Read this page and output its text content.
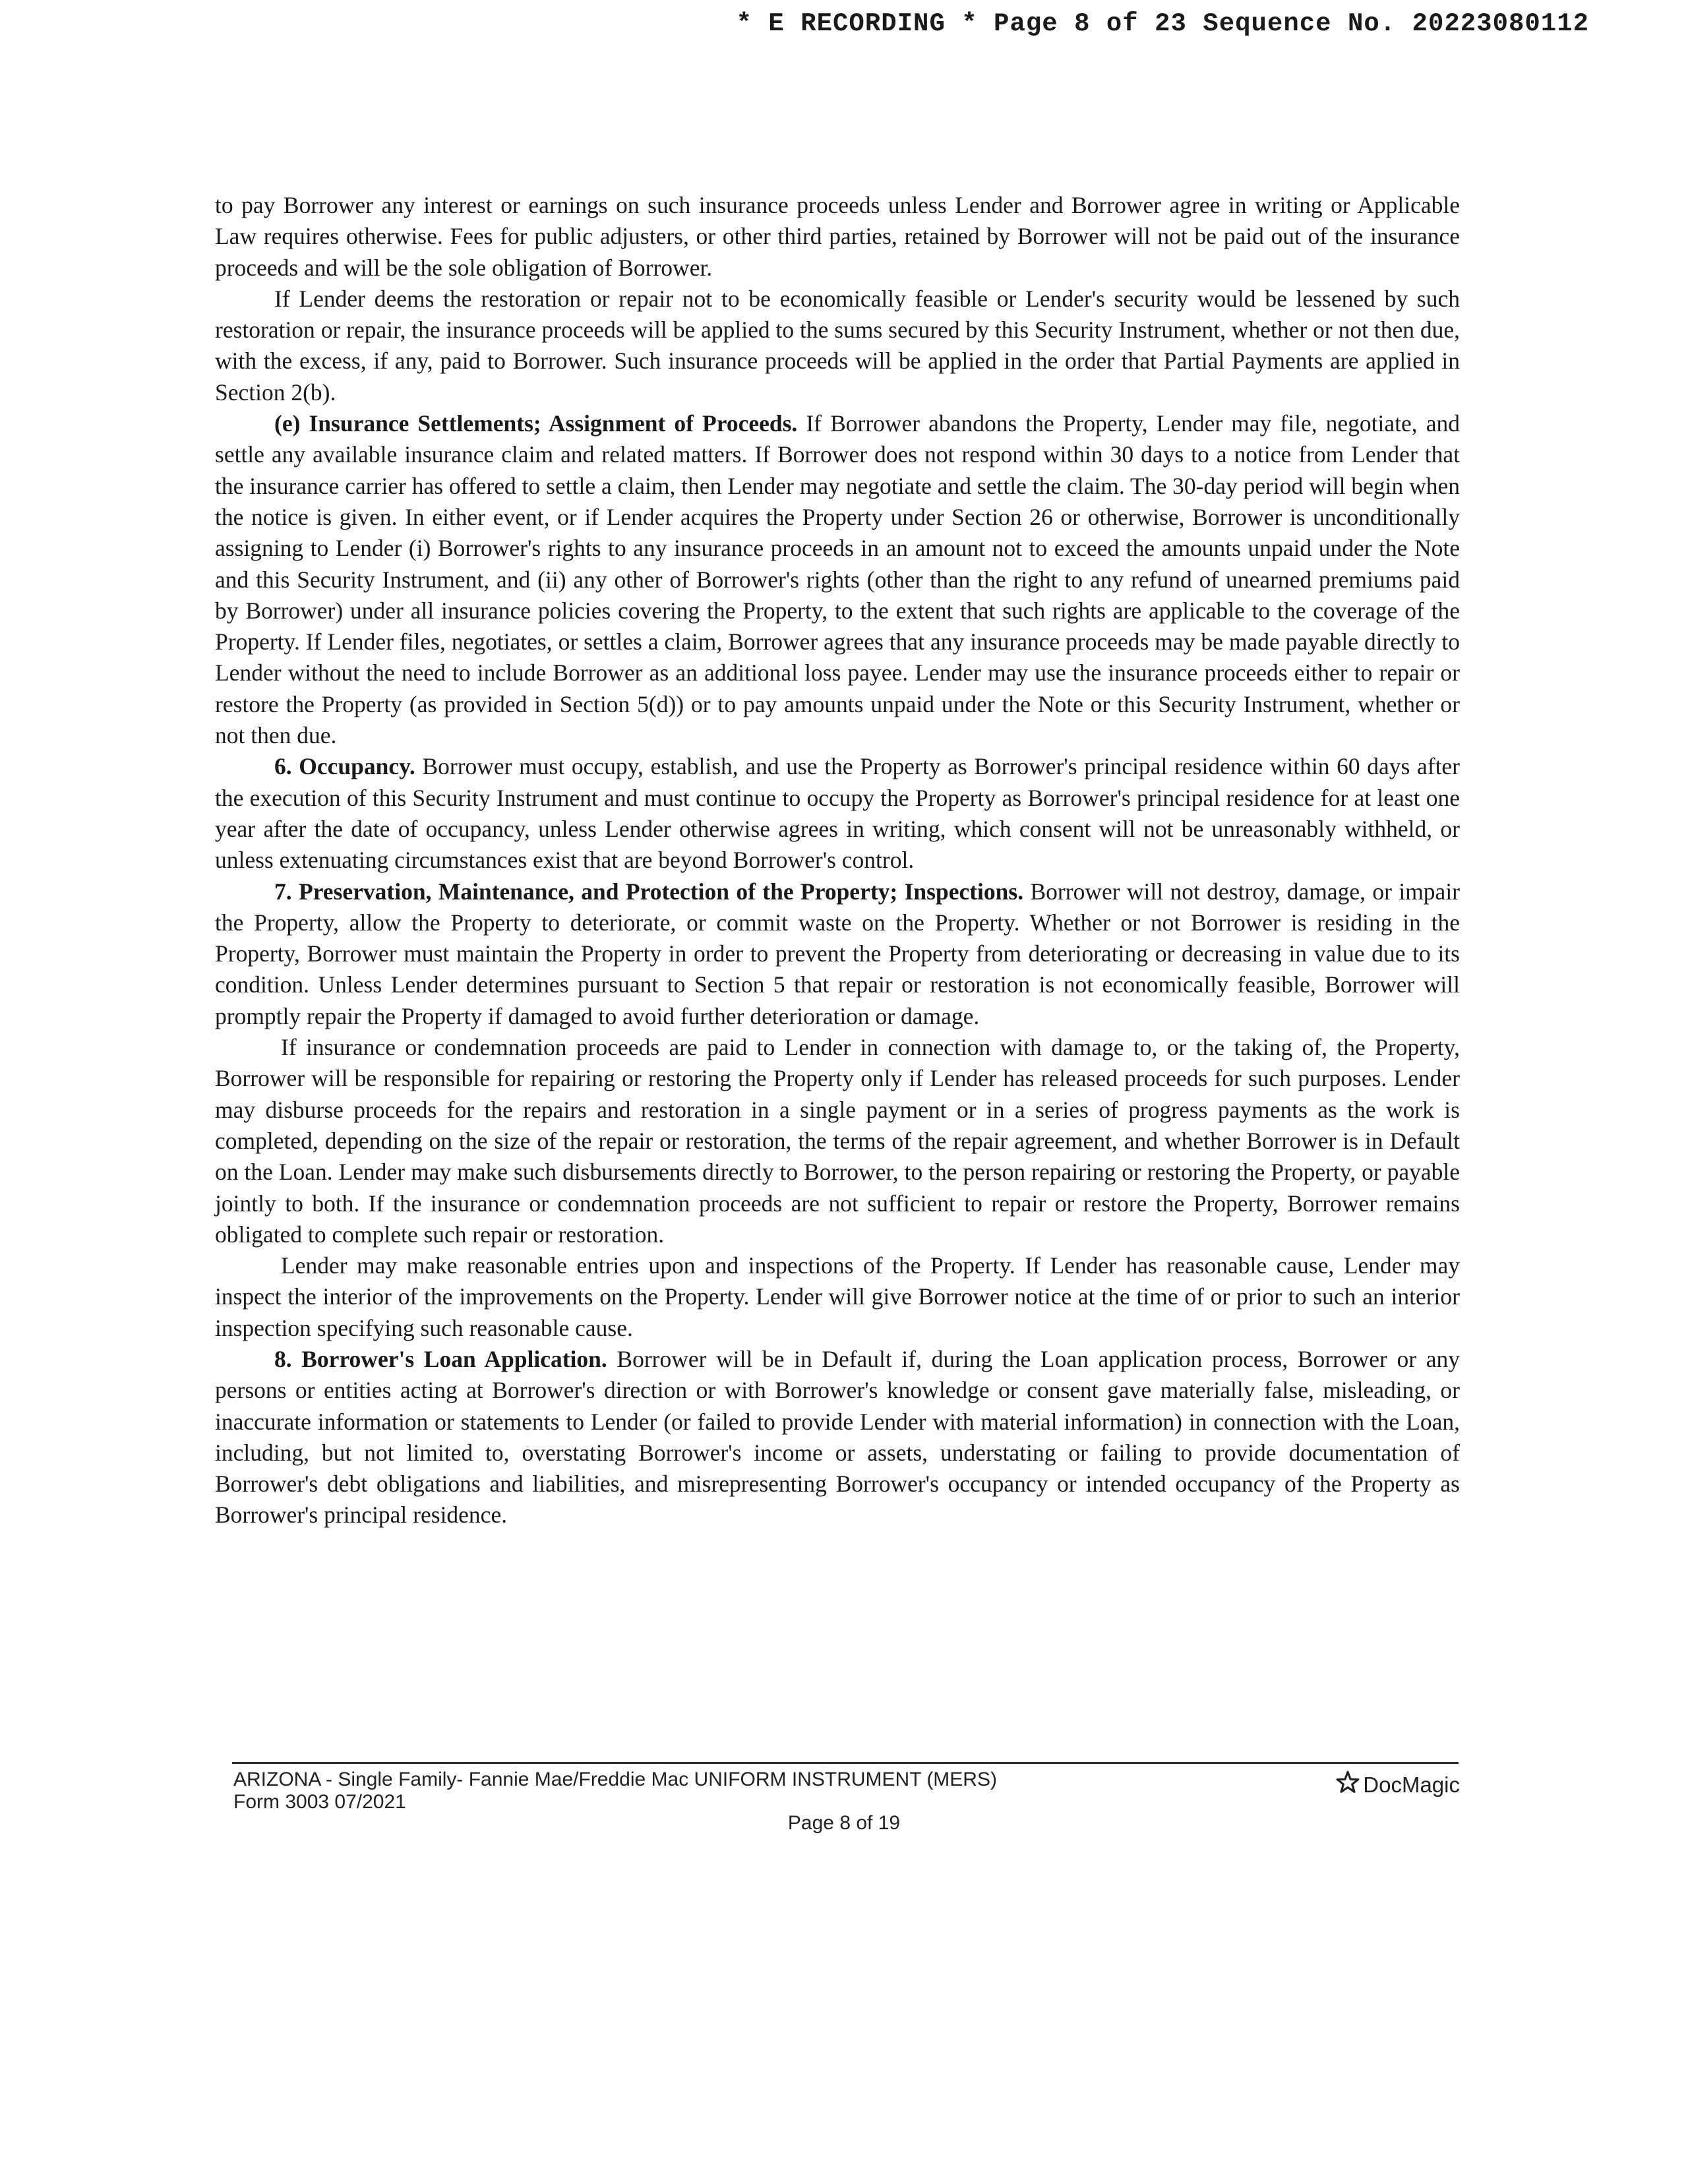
* E RECORDING * Page 8 of 23 Sequence No. 20223080112

to pay Borrower any interest or earnings on such insurance proceeds unless Lender and Borrower agree in writing or Applicable Law requires otherwise. Fees for public adjusters, or other third parties, retained by Borrower will not be paid out of the insurance proceeds and will be the sole obligation of Borrower.

If Lender deems the restoration or repair not to be economically feasible or Lender's security would be lessened by such restoration or repair, the insurance proceeds will be applied to the sums secured by this Security Instrument, whether or not then due, with the excess, if any, paid to Borrower. Such insurance proceeds will be applied in the order that Partial Payments are applied in Section 2(b).

(e) Insurance Settlements; Assignment of Proceeds. If Borrower abandons the Property, Lender may file, negotiate, and settle any available insurance claim and related matters. If Borrower does not respond within 30 days to a notice from Lender that the insurance carrier has offered to settle a claim, then Lender may negotiate and settle the claim. The 30-day period will begin when the notice is given. In either event, or if Lender acquires the Property under Section 26 or otherwise, Borrower is unconditionally assigning to Lender (i) Borrower's rights to any insurance proceeds in an amount not to exceed the amounts unpaid under the Note and this Security Instrument, and (ii) any other of Borrower's rights (other than the right to any refund of unearned premiums paid by Borrower) under all insurance policies covering the Property, to the extent that such rights are applicable to the coverage of the Property. If Lender files, negotiates, or settles a claim, Borrower agrees that any insurance proceeds may be made payable directly to Lender without the need to include Borrower as an additional loss payee. Lender may use the insurance proceeds either to repair or restore the Property (as provided in Section 5(d)) or to pay amounts unpaid under the Note or this Security Instrument, whether or not then due.

6. Occupancy. Borrower must occupy, establish, and use the Property as Borrower's principal residence within 60 days after the execution of this Security Instrument and must continue to occupy the Property as Borrower's principal residence for at least one year after the date of occupancy, unless Lender otherwise agrees in writing, which consent will not be unreasonably withheld, or unless extenuating circumstances exist that are beyond Borrower's control.

7. Preservation, Maintenance, and Protection of the Property; Inspections. Borrower will not destroy, damage, or impair the Property, allow the Property to deteriorate, or commit waste on the Property. Whether or not Borrower is residing in the Property, Borrower must maintain the Property in order to prevent the Property from deteriorating or decreasing in value due to its condition. Unless Lender determines pursuant to Section 5 that repair or restoration is not economically feasible, Borrower will promptly repair the Property if damaged to avoid further deterioration or damage.

If insurance or condemnation proceeds are paid to Lender in connection with damage to, or the taking of, the Property, Borrower will be responsible for repairing or restoring the Property only if Lender has released proceeds for such purposes. Lender may disburse proceeds for the repairs and restoration in a single payment or in a series of progress payments as the work is completed, depending on the size of the repair or restoration, the terms of the repair agreement, and whether Borrower is in Default on the Loan. Lender may make such disbursements directly to Borrower, to the person repairing or restoring the Property, or payable jointly to both. If the insurance or condemnation proceeds are not sufficient to repair or restore the Property, Borrower remains obligated to complete such repair or restoration.

Lender may make reasonable entries upon and inspections of the Property. If Lender has reasonable cause, Lender may inspect the interior of the improvements on the Property. Lender will give Borrower notice at the time of or prior to such an interior inspection specifying such reasonable cause.

8. Borrower's Loan Application. Borrower will be in Default if, during the Loan application process, Borrower or any persons or entities acting at Borrower's direction or with Borrower's knowledge or consent gave materially false, misleading, or inaccurate information or statements to Lender (or failed to provide Lender with material information) in connection with the Loan, including, but not limited to, overstating Borrower's income or assets, understating or failing to provide documentation of Borrower's debt obligations and liabilities, and misrepresenting Borrower's occupancy or intended occupancy of the Property as Borrower's principal residence.

ARIZONA - Single Family- Fannie Mae/Freddie Mac UNIFORM INSTRUMENT (MERS)
Form 3003 07/2021
DocMagic
Page 8 of 19
